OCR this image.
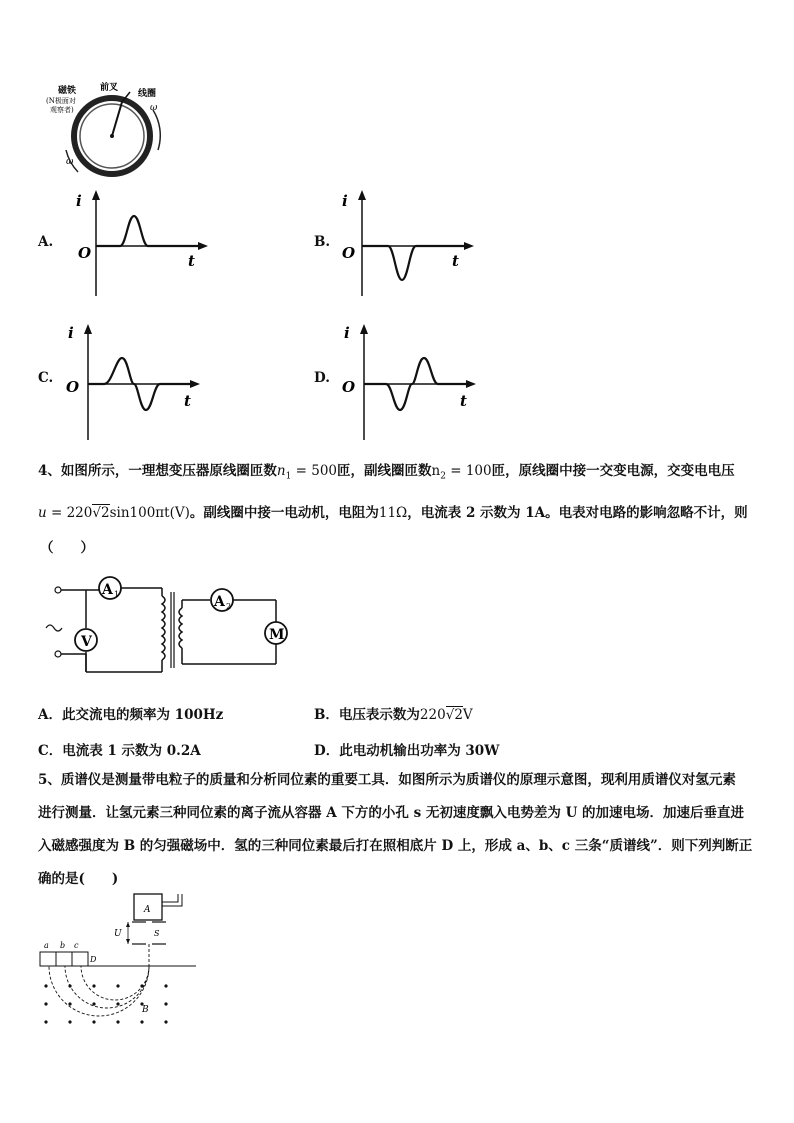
磁铁
(N极面对
观察者)
前叉
线圈
ω
ω
A.
i
O	t
B.
i
O	t
C.
i
O
t
D.
i
O
t
4、如图所示，一理想变压器原线圈匝数$n_1 = 500$匝，副线圈匝数$n_2 = 100$匝，原线圈中接一交变电源，交变电电压
u = 220√2sin100πt(V)。副线圈中接一电动机，电阻为11Ω，电流表 2 示数为 1A。电表对电路的影响忽略不计，则
（　　）
V
A 1	A 2
M
A．此交流电的频率为 100Hz	B．电压表示数为220√2V
C．电流表 1 示数为 0.2A	D．此电动机输出功率为 30W
5、质谱仪是测量带电粒子的质量和分析同位素的重要工具．如图所示为质谱仪的原理示意图，现利用质谱仪对氢元素
进行测量．让氢元素三种同位素的离子流从容器 A 下方的小孔 s 无初速度飘入电势差为 U 的加速电场．加速后垂直进
入磁感强度为 B 的匀强磁场中．氢的三种同位素最后打在照相底片 D 上，形成 a、b、c 三条“质谱线”．则下列判断正
确的是(　　)
A
U	S
a b c
D
B
